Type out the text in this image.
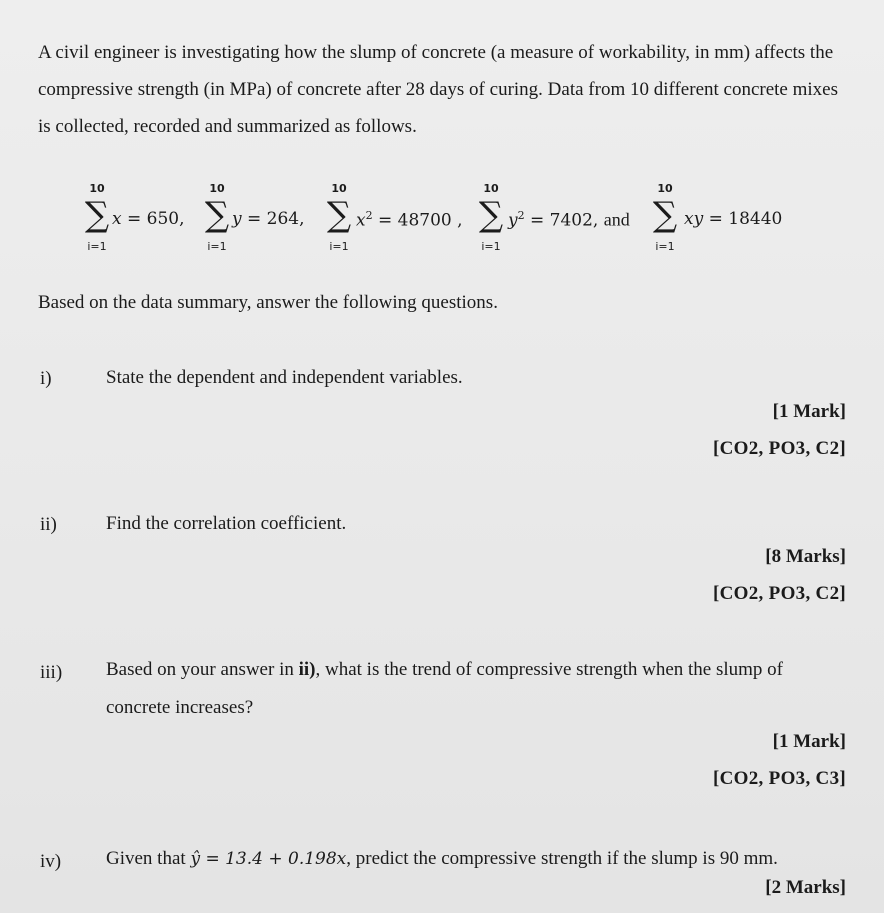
A civil engineer is investigating how the slump of concrete (a measure of workability, in mm) affects the compressive strength (in MPa) of concrete after 28 days of curing. Data from 10 different concrete mixes is collected, recorded and summarized as follows.

10
∑
i=1
x = 650,
10
∑
i=1
y = 264,
10
∑
i=1
$x^2 = 48700$ ,
10
∑
i=1
$y^2 = 7402$, and
10
∑
i=1
xy = 18440

Based on the data summary, answer the following questions.

i)	State the dependent and independent variables.

[1 Mark]
[CO2, PO3, C2]
ii)	Find the correlation coefficient.

[8 Marks]
[CO2, PO3, C2]
iii) Based on your answer in ii), what is the trend of compressive strength when the slump of concrete increases?

[1 Mark]
[CO2, PO3, C3]
iv) Given that ŷ = 13.4 + 0.198x, predict the compressive strength if the slump is 90 mm.

[2 Marks]
